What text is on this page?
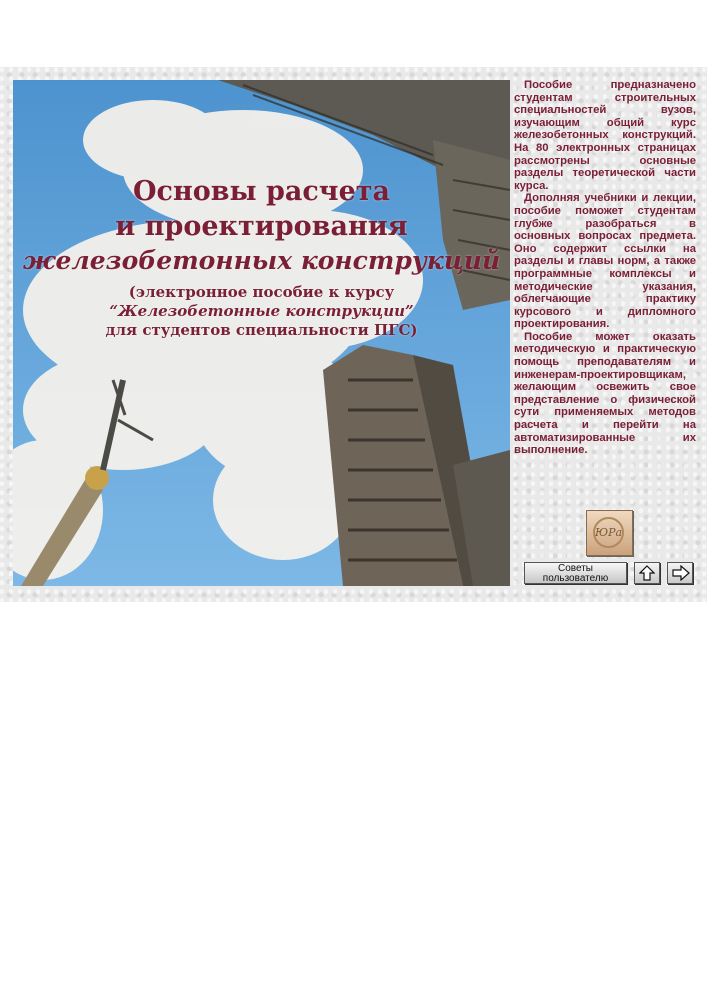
Основы расчета
и проектирования
железобетонных конструкций
(электронное пособие к курсу
“Железобетонные конструкции”
для студентов специальности ПГС)

Пособие предназначено студентам строительных специальностей вузов, изучающим общий курс железобетонных конструкций. На 80 электронных страницах рассмотрены основные разделы теоретической части курса.

Дополняя учебники и лекции, пособие поможет студентам глубже разобраться в основных вопросах предмета. Оно содержит ссылки на разделы и главы норм, а также программные комплексы и методические указания, облегчающие практику курсового и дипломного проектирования.

Пособие может оказать методическую и практическую помощь преподавателям и инженерам-проектировщикам, желающим освежить свое представление о физической сути применяемых методов расчета и перейти на автоматизированные их выполнение.

ЮРа
Советы
пользователю
